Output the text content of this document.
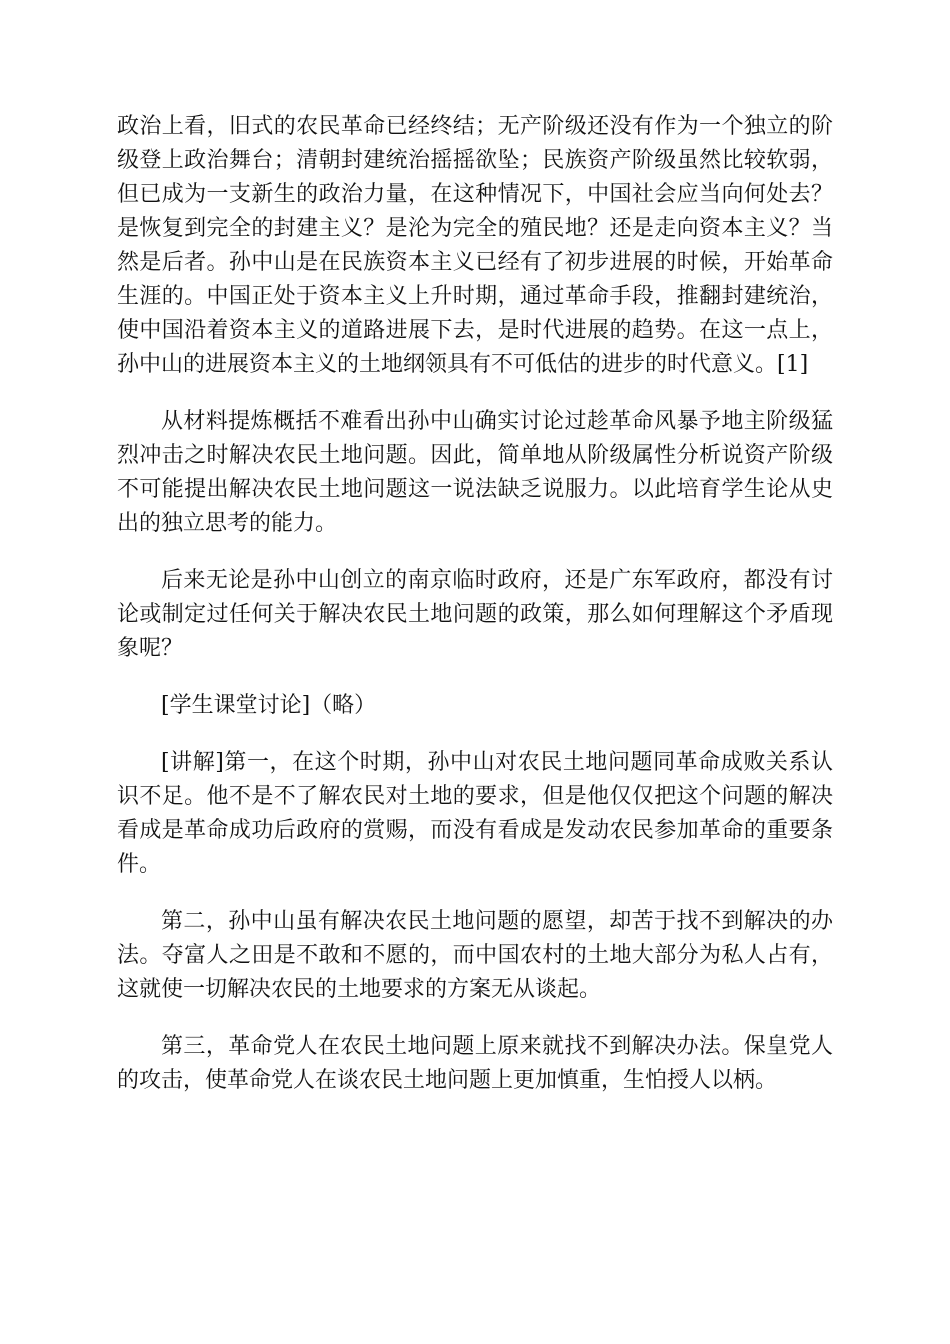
政治上看，旧式的农民革命已经终结；无产阶级还没有作为一个独立的阶级登上政治舞台；清朝封建统治摇摇欲坠；民族资产阶级虽然比较软弱，但已成为一支新生的政治力量，在这种情况下，中国社会应当向何处去？是恢复到完全的封建主义？是沦为完全的殖民地？还是走向资本主义？当然是后者。孙中山是在民族资本主义已经有了初步进展的时候，开始革命生涯的。中国正处于资本主义上升时期，通过革命手段，推翻封建统治，使中国沿着资本主义的道路进展下去，是时代进展的趋势。在这一点上，孙中山的进展资本主义的土地纲领具有不可低估的进步的时代意义。[1]

从材料提炼概括不难看出孙中山确实讨论过趁革命风暴予地主阶级猛烈冲击之时解决农民土地问题。因此，简单地从阶级属性分析说资产阶级不可能提出解决农民土地问题这一说法缺乏说服力。以此培育学生论从史出的独立思考的能力。

后来无论是孙中山创立的南京临时政府，还是广东军政府，都没有讨论或制定过任何关于解决农民土地问题的政策，那么如何理解这个矛盾现象呢？

[学生课堂讨论]（略）

[讲解]第一，在这个时期，孙中山对农民土地问题同革命成败关系认识不足。他不是不了解农民对土地的要求，但是他仅仅把这个问题的解决看成是革命成功后政府的赏赐，而没有看成是发动农民参加革命的重要条件。

第二，孙中山虽有解决农民土地问题的愿望，却苦于找不到解决的办法。夺富人之田是不敢和不愿的，而中国农村的土地大部分为私人占有，这就使一切解决农民的土地要求的方案无从谈起。

第三，革命党人在农民土地问题上原来就找不到解决办法。保皇党人的攻击，使革命党人在谈农民土地问题上更加慎重，生怕授人以柄。
